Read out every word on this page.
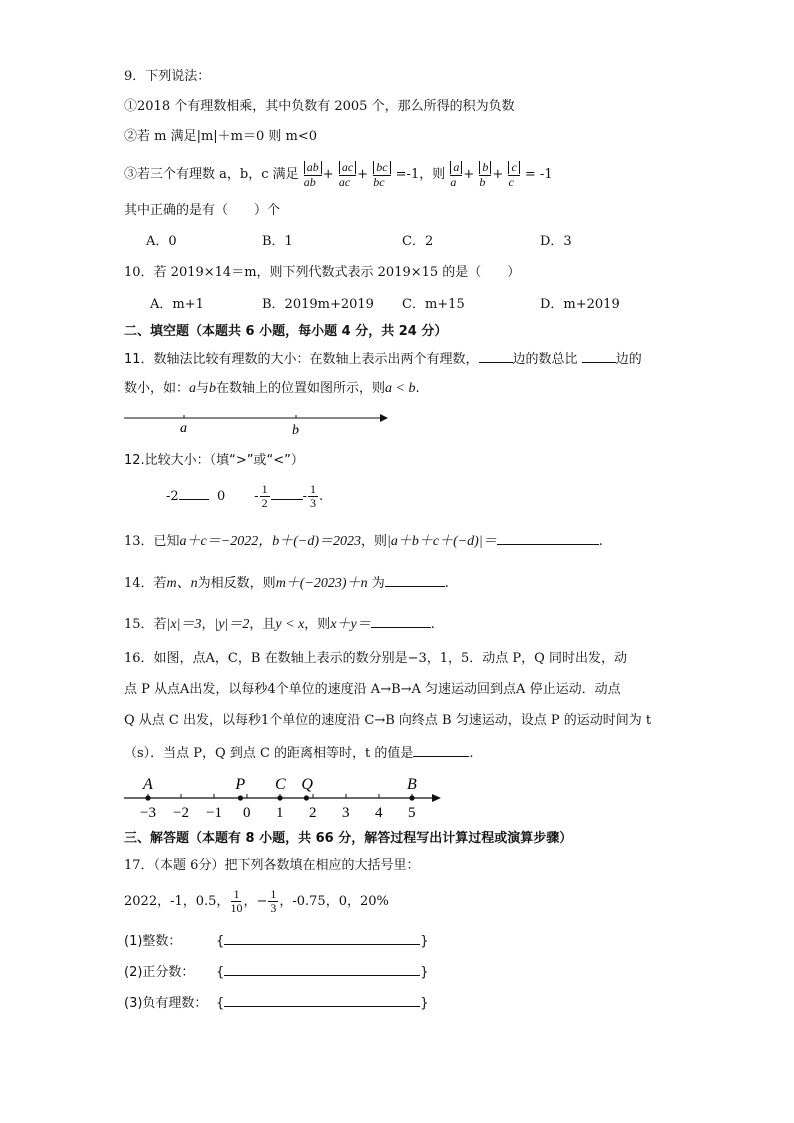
9．下列说法：
①2018 个有理数相乘，其中负数有 2005 个，那么所得的积为负数
②若 m 满足|m|＋m＝0 则 m<0
③若三个有理数 a，b，c 满足 $\frac{ab}{ab} + \frac{ac}{ac} + \frac{bc}{bc} =-1$，则 $\frac{a}{a} + \frac{b}{b} + \frac{c}{c} = -1$
其中正确的是有（　　）个
A．0	B．1	C．2	D．3
10．若 2019×14＝m，则下列代数式表示 2019×15 的是（　　）
A．m+1	B．2019m+2019 C．m+15	D．m+2019
二、填空题（本题共 6 小题，每小题 4 分，共 24 分）
11．数轴法比较有理数的大小：在数轴上表示出两个有理数，	边的数总比	边的
数小，如：a与b在数轴上的位置如图所示，则a < b.
a	b
12.比较大小：（填“>”或“<”）
-2	$0 - \frac{1}{2}$	- $\frac{1}{3}$ .
13．已知a＋c＝−2022，b＋(−d)＝2023，则|a＋b＋c＋(−d)|＝	.
14．若m、n为相反数，则m＋(−2023)＋n 为	.
15．若|x|＝3，|y|＝2，且y < x，则x＋y＝	.
16．如图，点A，C，B 在数轴上表示的数分别是−3，1，5．动点 P，Q 同时出发，动
点 P 从点A出发，以每秒4个单位的速度沿 A→B→A 匀速运动回到点A 停止运动．动点
Q 从点 C 出发，以每秒1个单位的速度沿 C→B 向终点 B 匀速运动，设点 P 的运动时间为 t
（s）．当点 P，Q 到点 C 的距离相等时，t 的值是	.
−3 −2 −1 0 1 2 3 4 5
A	P C Q	B
三、解答题（本题有 8 小题，共 66 分，解答过程写出计算过程或演算步骤）
17．（本题 6分）把下列各数填在相应的大括号里：
2022，-1，0.5， $\frac{1}{10}$ ，− $\frac{1}{3}$ ，-0.75，0，20%
(1)整数：	{	}
(2)正分数： {	}
(3)负有理数： {	}
